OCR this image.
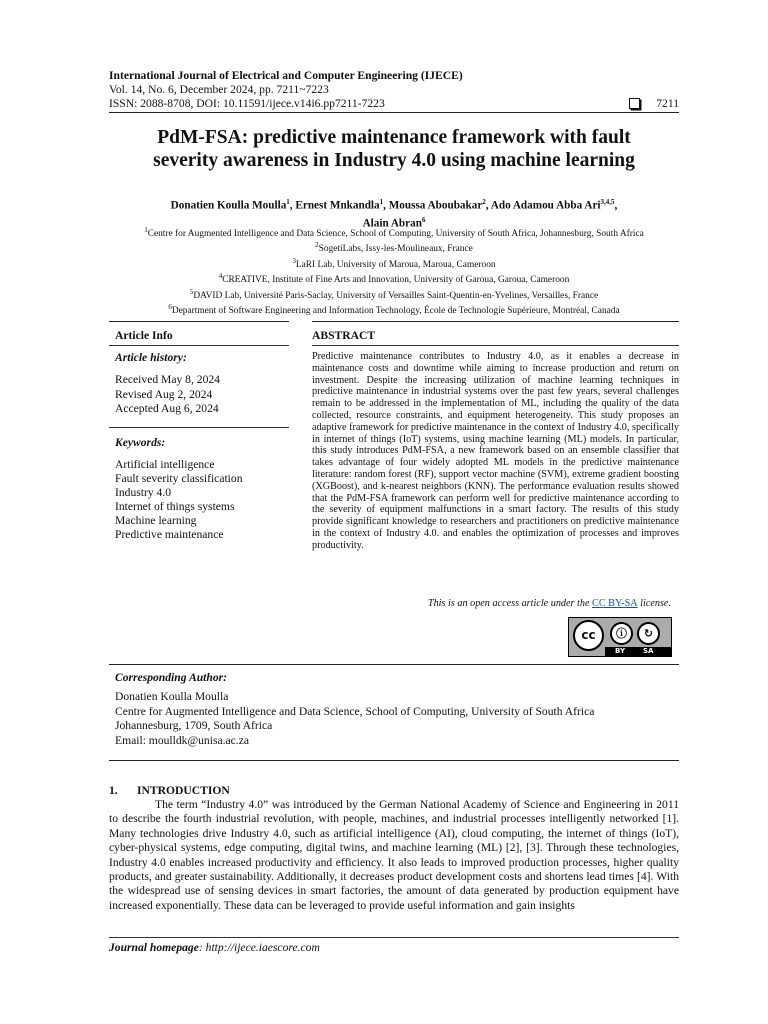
International Journal of Electrical and Computer Engineering (IJECE)
Vol. 14, No. 6, December 2024, pp. 7211~7223
ISSN: 2088-8708, DOI: 10.11591/ijece.v14i6.pp7211-7223	7211
PdM-FSA: predictive maintenance framework with fault
severity awareness in Industry 4.0 using machine learning
Donatien Koulla Moulla$^1$, Ernest Mnkandla$^1$, Moussa Aboubakar$^2$, Ado Adamou Abba Ari$^{3,4,5}$,
Alain Abran$^6$
$^1$Centre for Augmented Intelligence and Data Science, School of Computing, University of South Africa, Johannesburg, South Africa
$^2$SogetiLabs, Issy-les-Moulineaux, France
$^3$LaRI Lab, University of Maroua, Maroua, Cameroon
$^4$CREATIVE, Institute of Fine Arts and Innovation, University of Garoua, Garoua, Cameroon
$^5$DAVID Lab, Université Paris-Saclay, University of Versailles Saint-Quentin-en-Yvelines, Versailles, France
$^6$Department of Software Engineering and Information Technology, École de Technologie Supérieure, Montréal, Canada
Article Info	ABSTRACT
Article history:
Received May 8, 2024
Revised Aug 2, 2024
Accepted Aug 6, 2024
Keywords:
Artificial intelligence
Fault severity classification
Industry 4.0
Internet of things systems
Machine learning
Predictive maintenance
Predictive maintenance contributes to Industry 4.0, as it enables a decrease in maintenance costs and downtime while aiming to increase production and return on investment. Despite the increasing utilization of machine learning techniques in predictive maintenance in industrial systems over the past few years, several challenges remain to be addressed in the implementation of ML, including the quality of the data collected, resource constraints, and equipment heterogeneity. This study proposes an adaptive framework for predictive maintenance in the context of Industry 4.0, specifically in internet of things (IoT) systems, using machine learning (ML) models. In particular, this study introduces PdM-FSA, a new framework based on an ensemble classifier that takes advantage of four widely adopted ML models in the predictive maintenance literature: random forest (RF), support vector machine (SVM), extreme gradient boosting (XGBoost), and k-nearest neighbors (KNN). The performance evaluation results showed that the PdM-FSA framework can perform well for predictive maintenance according to the severity of equipment malfunctions in a smart factory. The results of this study provide significant knowledge to researchers and practitioners on predictive maintenance in the context of Industry 4.0. and enables the optimization of processes and improves productivity.
This is an open access article under the CC BY-SA license.
cc	ⓘ	↻
BY	SA
Corresponding Author:
Donatien Koulla Moulla
Centre for Augmented Intelligence and Data Science, School of Computing, University of South Africa
Johannesburg, 1709, South Africa
Email: moulldk@unisa.ac.za
1. INTRODUCTION
The term “Industry 4.0” was introduced by the German National Academy of Science and Engineering in 2011 to describe the fourth industrial revolution, with people, machines, and industrial processes intelligently networked [1]. Many technologies drive Industry 4.0, such as artificial intelligence (AI), cloud computing, the internet of things (IoT), cyber-physical systems, edge computing, digital twins, and machine learning (ML) [2], [3]. Through these technologies, Industry 4.0 enables increased productivity and efficiency. It also leads to improved production processes, higher quality products, and greater sustainability. Additionally, it decreases product development costs and shortens lead times [4]. With the widespread use of sensing devices in smart factories, the amount of data generated by production equipment have increased exponentially. These data can be leveraged to provide useful information and gain insights
Journal homepage: http://ijece.iaescore.com
